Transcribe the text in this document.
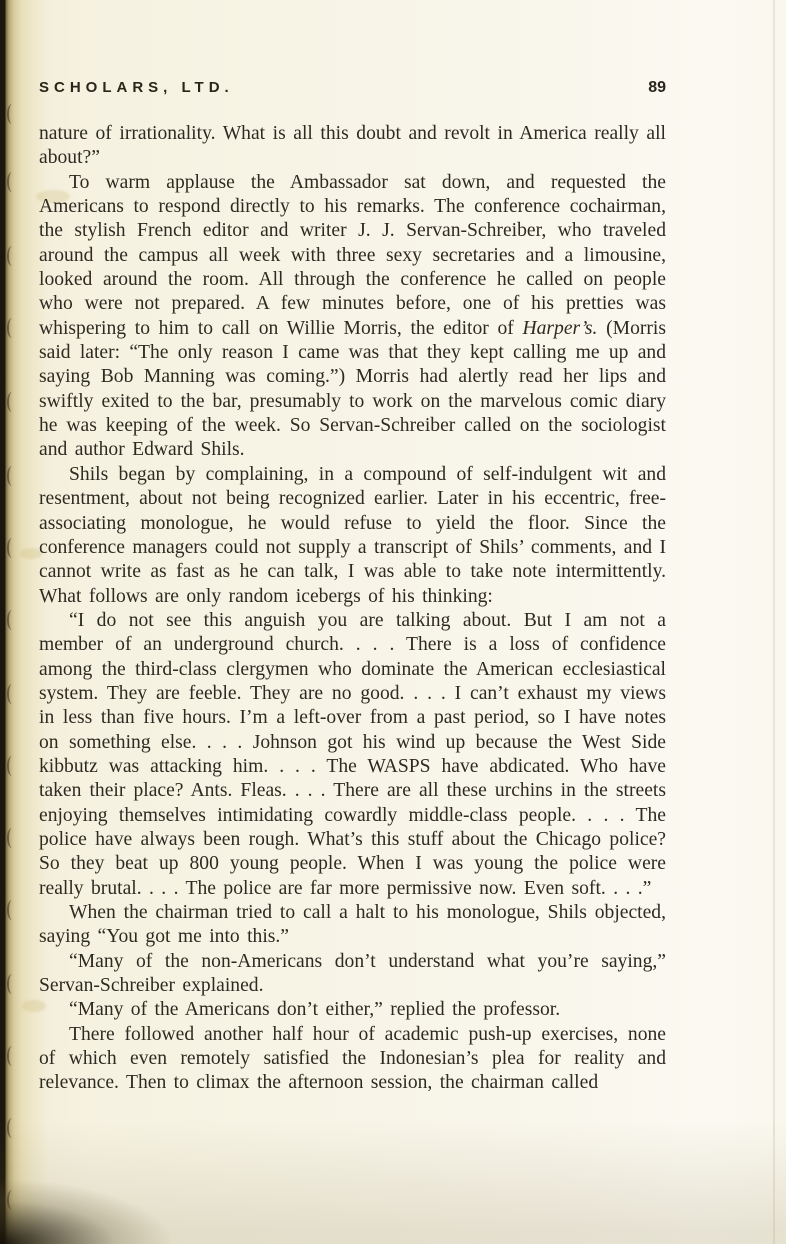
SCHOLARS, LTD.	89

nature of irrationality. What is all this doubt and revolt in America really all about?”

To warm applause the Ambassador sat down, and requested the Americans to respond directly to his remarks. The conference cochairman, the stylish French editor and writer J. J. Servan-Schreiber, who traveled around the campus all week with three sexy secretaries and a limousine, looked around the room. All through the conference he called on people who were not prepared. A few minutes before, one of his pretties was whispering to him to call on Willie Morris, the editor of Harper’s. (Morris said later: “The only reason I came was that they kept calling me up and saying Bob Manning was coming.”) Morris had alertly read her lips and swiftly exited to the bar, presumably to work on the marvelous comic diary he was keeping of the week. So Servan-Schreiber called on the sociologist and author Edward Shils.

Shils began by complaining, in a compound of self-indulgent wit and resentment, about not being recognized earlier. Later in his eccentric, free-associating monologue, he would refuse to yield the floor. Since the conference managers could not supply a transcript of Shils’ comments, and I cannot write as fast as he can talk, I was able to take note intermittently. What follows are only random icebergs of his thinking:

“I do not see this anguish you are talking about. But I am not a member of an underground church. . . . There is a loss of confidence among the third-class clergymen who dominate the American ecclesiastical system. They are feeble. They are no good. . . . I can’t exhaust my views in less than five hours. I’m a left-over from a past period, so I have notes on something else. . . . Johnson got his wind up because the West Side kibbutz was attacking him. . . . The WASPS have abdicated. Who have taken their place? Ants. Fleas. . . . There are all these urchins in the streets enjoying themselves intimidating cowardly middle-class people. . . . The police have always been rough. What’s this stuff about the Chicago police? So they beat up 800 young people. When I was young the police were really brutal. . . . The police are far more permissive now. Even soft. . . .”

When the chairman tried to call a halt to his monologue, Shils objected, saying “You got me into this.”

“Many of the non-Americans don’t understand what you’re saying,” Servan-Schreiber explained.

“Many of the Americans don’t either,” replied the professor.

There followed another half hour of academic push-up exercises, none of which even remotely satisfied the Indonesian’s plea for reality and relevance. Then to climax the afternoon session, the chairman called
